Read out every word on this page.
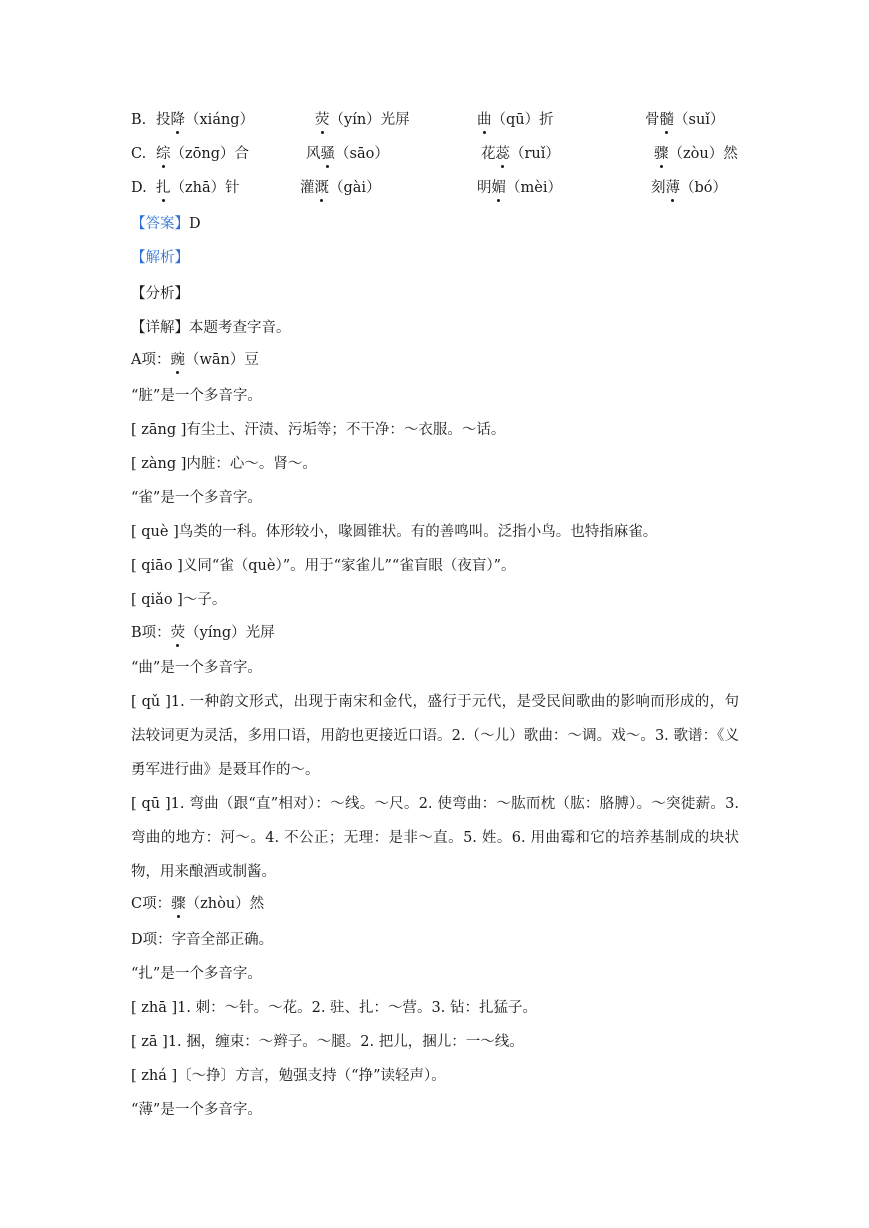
B. 投降（xiáng）	荧（yín）光屏	曲（qū）折	骨髓（suǐ）
C. 综（zōng）合	风骚（sāo）	花蕊（ruǐ）	骤（zòu）然
D. 扎（zhā）针	灌溉（gài）	明媚（mèi）	刻薄（bó）
【答案】D
【解析】
【分析】
【详解】本题考查字音。
A项：豌（wān）豆
“脏”是一个多音字。
[ zāng ]有尘土、汗渍、污垢等；不干净：～衣服。～话。
[ zàng ]内脏：心～。肾～。
“雀”是一个多音字。
[ què ]鸟类的一科。体形较小，喙圆锥状。有的善鸣叫。泛指小鸟。也特指麻雀。
[ qiāo ]义同“雀（què）”。用于“家雀儿”“雀盲眼（夜盲）”。
[ qiǎo ]～子。
B项：荧（yíng）光屏
“曲”是一个多音字。
[ qǔ ]1. 一种韵文形式，出现于南宋和金代，盛行于元代，是受民间歌曲的影响而形成的，句法较词更为灵活，多用口语，用韵也更接近口语。2.（～儿）歌曲：～调。戏～。3. 歌谱：《义勇军进行曲》是聂耳作的～。
[ qū ]1. 弯曲（跟“直”相对）：～线。～尺。2. 使弯曲：～肱而枕（肱：胳膊）。～突徙薪。3. 弯曲的地方：河～。4. 不公正；无理：是非～直。5. 姓。6. 用曲霉和它的培养基制成的块状物，用来酿酒或制酱。
C项：骤（zhòu）然
D项：字音全部正确。
“扎”是一个多音字。
[ zhā ]1. 刺：～针。～花。2. 驻、扎：～营。3. 钻：扎猛子。
[ zā ]1. 捆，缠束：～辫子。～腿。2. 把儿，捆儿：一～线。
[ zhá ]〔～挣〕方言，勉强支持（“挣”读轻声）。
“薄”是一个多音字。
